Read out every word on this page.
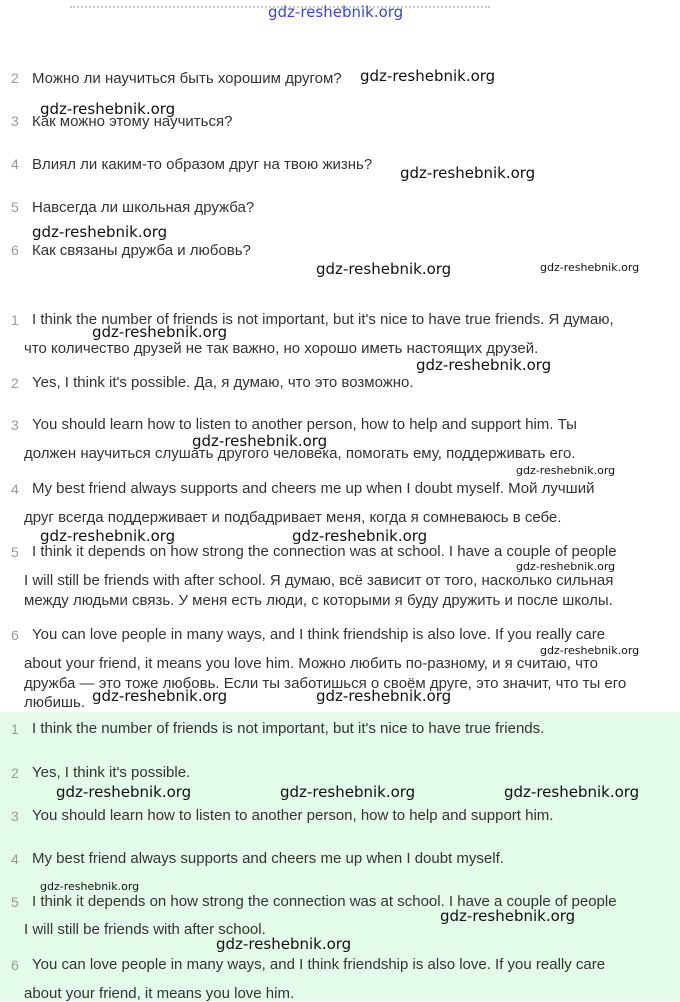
2 Можно ли научиться быть хорошим другом?
3 Как можно этому научиться?
4 Влиял ли каким-то образом друг на твою жизнь?
5 Навсегда ли школьная дружба?
6 Как связаны дружба и любовь?
1 I think the number of friends is not important, but it's nice to have true friends. Я думаю,
что количество друзей не так важно, но хорошо иметь настоящих друзей.
2 Yes, I think it's possible. Да, я думаю, что это возможно.
3 You should learn how to listen to another person, how to help and support him. Ты
должен научиться слушать другого человека, помогать ему, поддерживать его.
4 My best friend always supports and cheers me up when I doubt myself. Мой лучший
друг всегда поддерживает и подбадривает меня, когда я сомневаюсь в себе.
5 I think it depends on how strong the connection was at school. I have a couple of people
I will still be friends with after school. Я думаю, всё зависит от того, насколько сильная
между людьми связь. У меня есть люди, с которыми я буду дружить и после школы.
6 You can love people in many ways, and I think friendship is also love. If you really care
about your friend, it means you love him. Можно любить по-разному, и я считаю, что
дружба — это тоже любовь. Если ты заботишься о своём друге, это значит, что ты его
любишь.
1 I think the number of friends is not important, but it's nice to have true friends.
2 Yes, I think it's possible.
3 You should learn how to listen to another person, how to help and support him.
4 My best friend always supports and cheers me up when I doubt myself.
5 I think it depends on how strong the connection was at school. I have a couple of people
I will still be friends with after school.
6 You can love people in many ways, and I think friendship is also love. If you really care
about your friend, it means you love him.
gdz-reshebnik.org
gdz-reshebnik.org
gdz-reshebnik.org
gdz-reshebnik.org
gdz-reshebnik.org
gdz-reshebnik.org	gdz-reshebnik.org
gdz-reshebnik.org
gdz-reshebnik.org
gdz-reshebnik.org
gdz-reshebnik.org
gdz-reshebnik.org	gdz-reshebnik.org
gdz-reshebnik.org
gdz-reshebnik.org
gdz-reshebnik.org	gdz-reshebnik.org
gdz-reshebnik.org	gdz-reshebnik.org	gdz-reshebnik.org
gdz-reshebnik.org
gdz-reshebnik.org
gdz-reshebnik.org
